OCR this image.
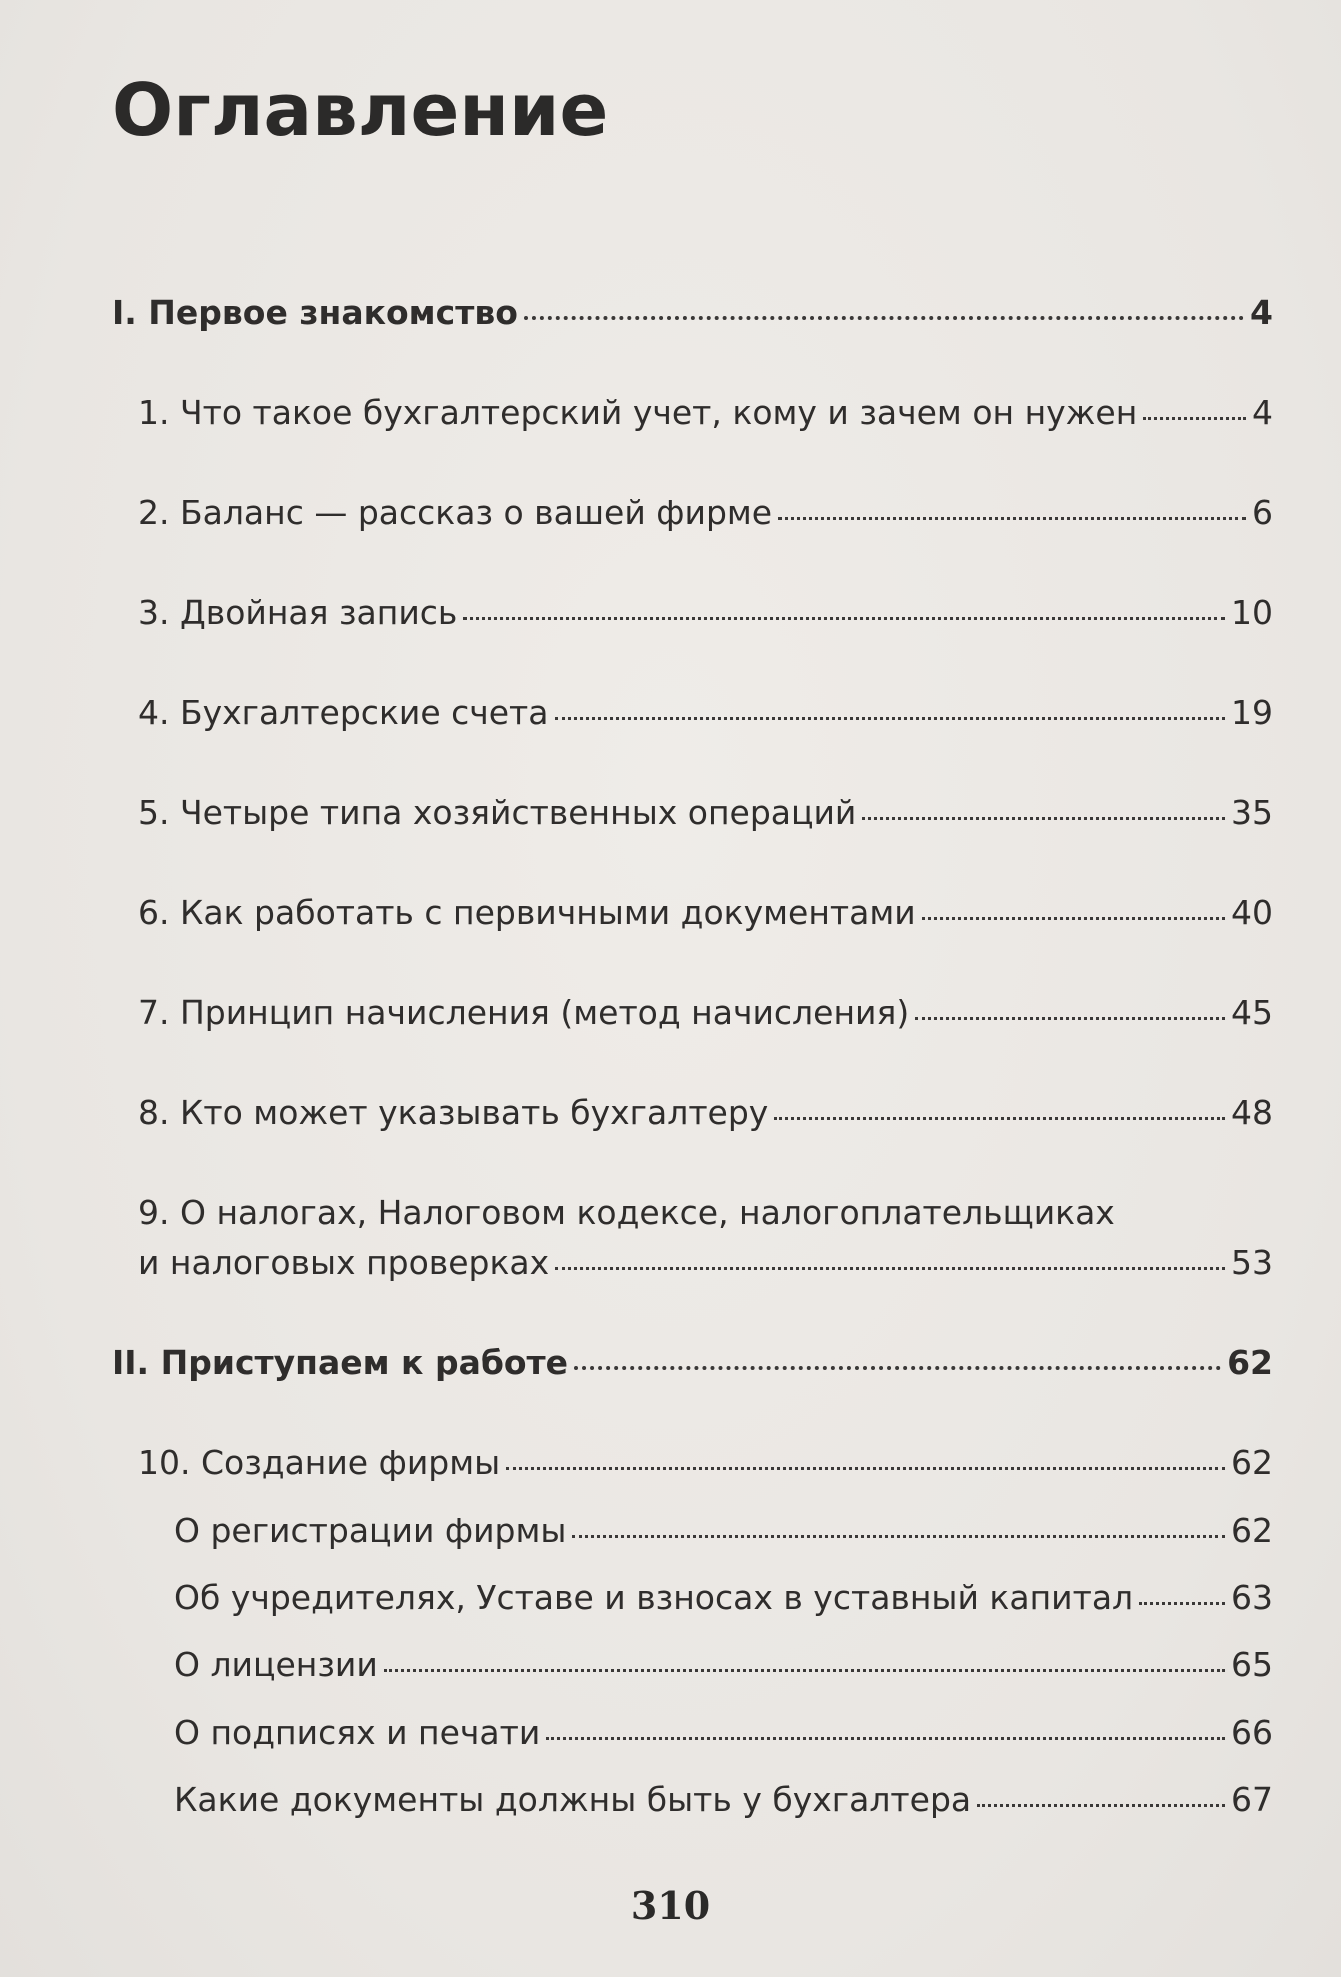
Оглавление
I. Первое знакомство	4
1. Что такое бухгалтерский учет, кому и зачем он нужен	4
2. Баланс — рассказ о вашей фирме	6
3. Двойная запись	10
4. Бухгалтерские счета	19
5. Четыре типа хозяйственных операций	35
6. Как работать с первичными документами	40
7. Принцип начисления (метод начисления)	45
8. Кто может указывать бухгалтеру	48
9. О налогах, Налоговом кодексе, налогоплательщиках
и налоговых проверках	53
II. Приступаем к работе	62
10. Создание фирмы	62
О регистрации фирмы	62
Об учредителях, Уставе и взносах в уставный капитал	63
О лицензии	65
О подписях и печати	66
Какие документы должны быть у бухгалтера	67
310
